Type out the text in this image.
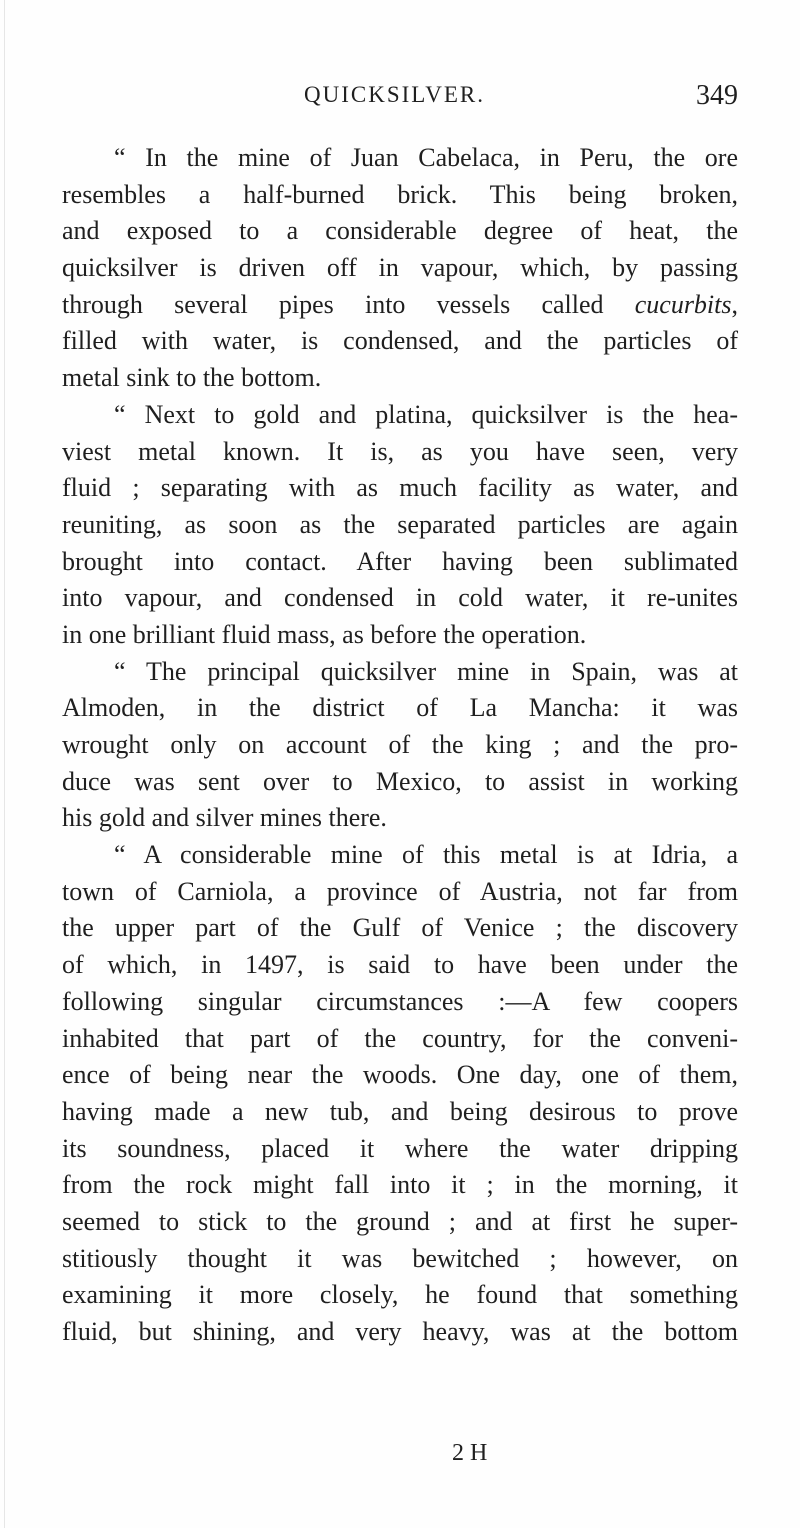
QUICKSILVER.	349
“ In the mine of Juan Cabelaca, in Peru, the ore
resembles a half-burned brick. This being broken,
and exposed to a considerable degree of heat, the
quicksilver is driven off in vapour, which, by passing
through several pipes into vessels called cucurbits,
filled with water, is condensed, and the particles of
metal sink to the bottom.
“ Next to gold and platina, quicksilver is the hea-
viest metal known. It is, as you have seen, very
fluid ; separating with as much facility as water, and
reuniting, as soon as the separated particles are again
brought into contact. After having been sublimated
into vapour, and condensed in cold water, it re-unites
in one brilliant fluid mass, as before the operation.
“ The principal quicksilver mine in Spain, was at
Almoden, in the district of La Mancha: it was
wrought only on account of the king ; and the pro-
duce was sent over to Mexico, to assist in working
his gold and silver mines there.
“ A considerable mine of this metal is at Idria, a
town of Carniola, a province of Austria, not far from
the upper part of the Gulf of Venice ; the discovery
of which, in 1497, is said to have been under the
following singular circumstances :—A few coopers
inhabited that part of the country, for the conveni-
ence of being near the woods. One day, one of them,
having made a new tub, and being desirous to prove
its soundness, placed it where the water dripping
from the rock might fall into it ; in the morning, it
seemed to stick to the ground ; and at first he super-
stitiously thought it was bewitched ; however, on
examining it more closely, he found that something
fluid, but shining, and very heavy, was at the bottom
2 H
